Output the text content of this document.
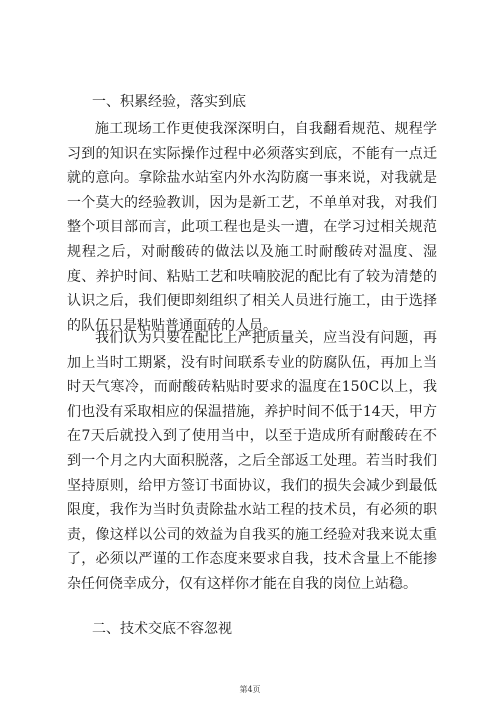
一、积累经验，落实到底

施工现场工作更使我深深明白，自我翻看规范、规程学习到的知识在实际操作过程中必须落实到底，不能有一点迁就的意向。拿除盐水站室内外水沟防腐一事来说，对我就是一个莫大的经验教训，因为是新工艺，不单单对我，对我们整个项目部而言，此项工程也是头一遭，在学习过相关规范规程之后，对耐酸砖的做法以及施工时耐酸砖对温度、湿度、养护时间、粘贴工艺和呋喃胶泥的配比有了较为清楚的认识之后，我们便即刻组织了相关人员进行施工，由于选择的队伍只是粘贴普通面砖的人员。

我们认为只要在配比上严把质量关，应当没有问题，再加上当时工期紧，没有时间联系专业的防腐队伍，再加上当时天气寒冷，而耐酸砖粘贴时要求的温度在150C以上，我们也没有采取相应的保温措施，养护时间不低于14天，甲方在7天后就投入到了使用当中，以至于造成所有耐酸砖在不到一个月之内大面积脱落，之后全部返工处理。若当时我们坚持原则，给甲方签订书面协议，我们的损失会减少到最低限度，我作为当时负责除盐水站工程的技术员，有必须的职责，像这样以公司的效益为自我买的施工经验对我来说太重了，必须以严谨的工作态度来要求自我，技术含量上不能掺杂任何侥幸成分，仅有这样你才能在自我的岗位上站稳。

二、技术交底不容忽视
第4页
